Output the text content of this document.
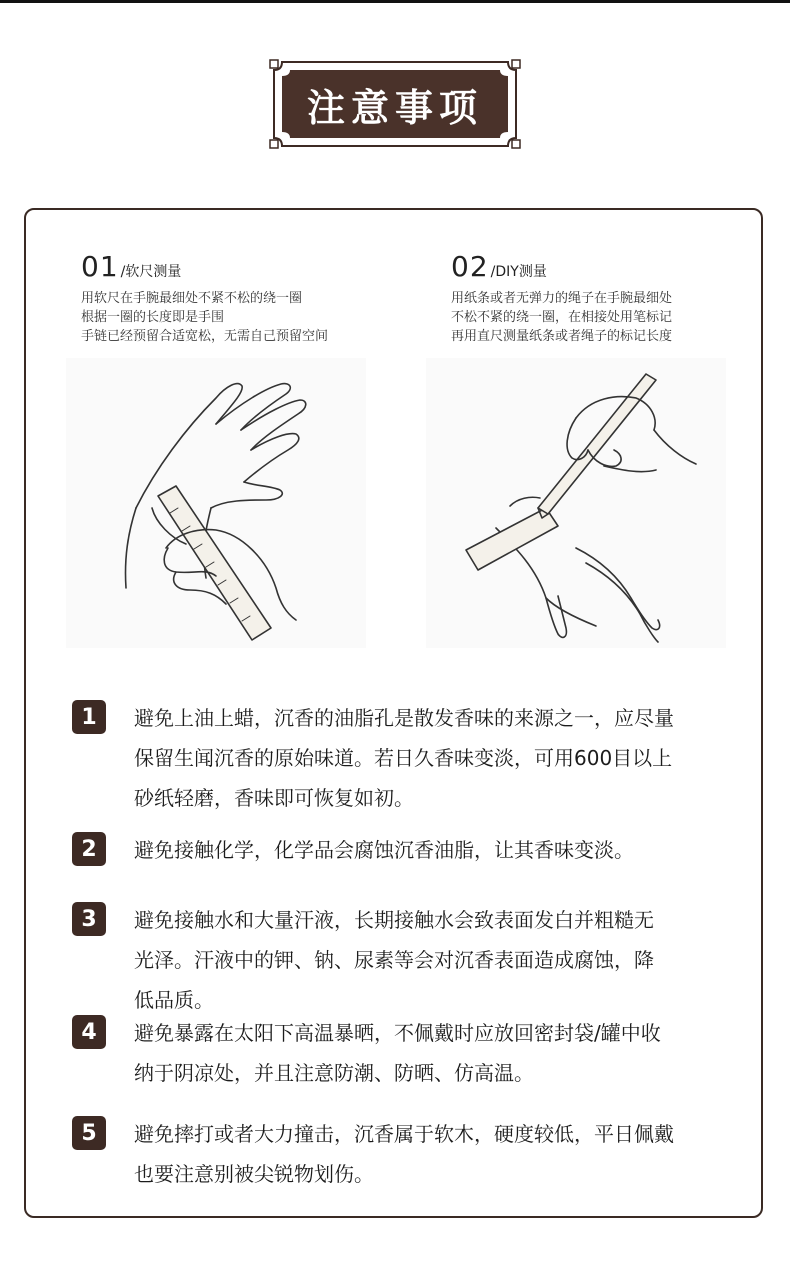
注意事项
01 /软尺测量
用软尺在手腕最细处不紧不松的绕一圈
根据一圈的长度即是手围
手链已经预留合适宽松，无需自己预留空间
02 /DIY测量
用纸条或者无弹力的绳子在手腕最细处
不松不紧的绕一圈，在相接处用笔标记
再用直尺测量纸条或者绳子的标记长度
1	避免上油上蜡，沉香的油脂孔是散发香味的来源之一，应尽量
保留生闻沉香的原始味道。若日久香味变淡，可用600目以上
砂纸轻磨，香味即可恢复如初。
2	避免接触化学，化学品会腐蚀沉香油脂，让其香味变淡。
3	避免接触水和大量汗液，长期接触水会致表面发白并粗糙无
光泽。汗液中的钾、钠、尿素等会对沉香表面造成腐蚀，降
低品质。
4	避免暴露在太阳下高温暴晒，不佩戴时应放回密封袋/罐中收
纳于阴凉处，并且注意防潮、防晒、仿高温。
5	避免摔打或者大力撞击，沉香属于软木，硬度较低，平日佩戴
也要注意别被尖锐物划伤。
